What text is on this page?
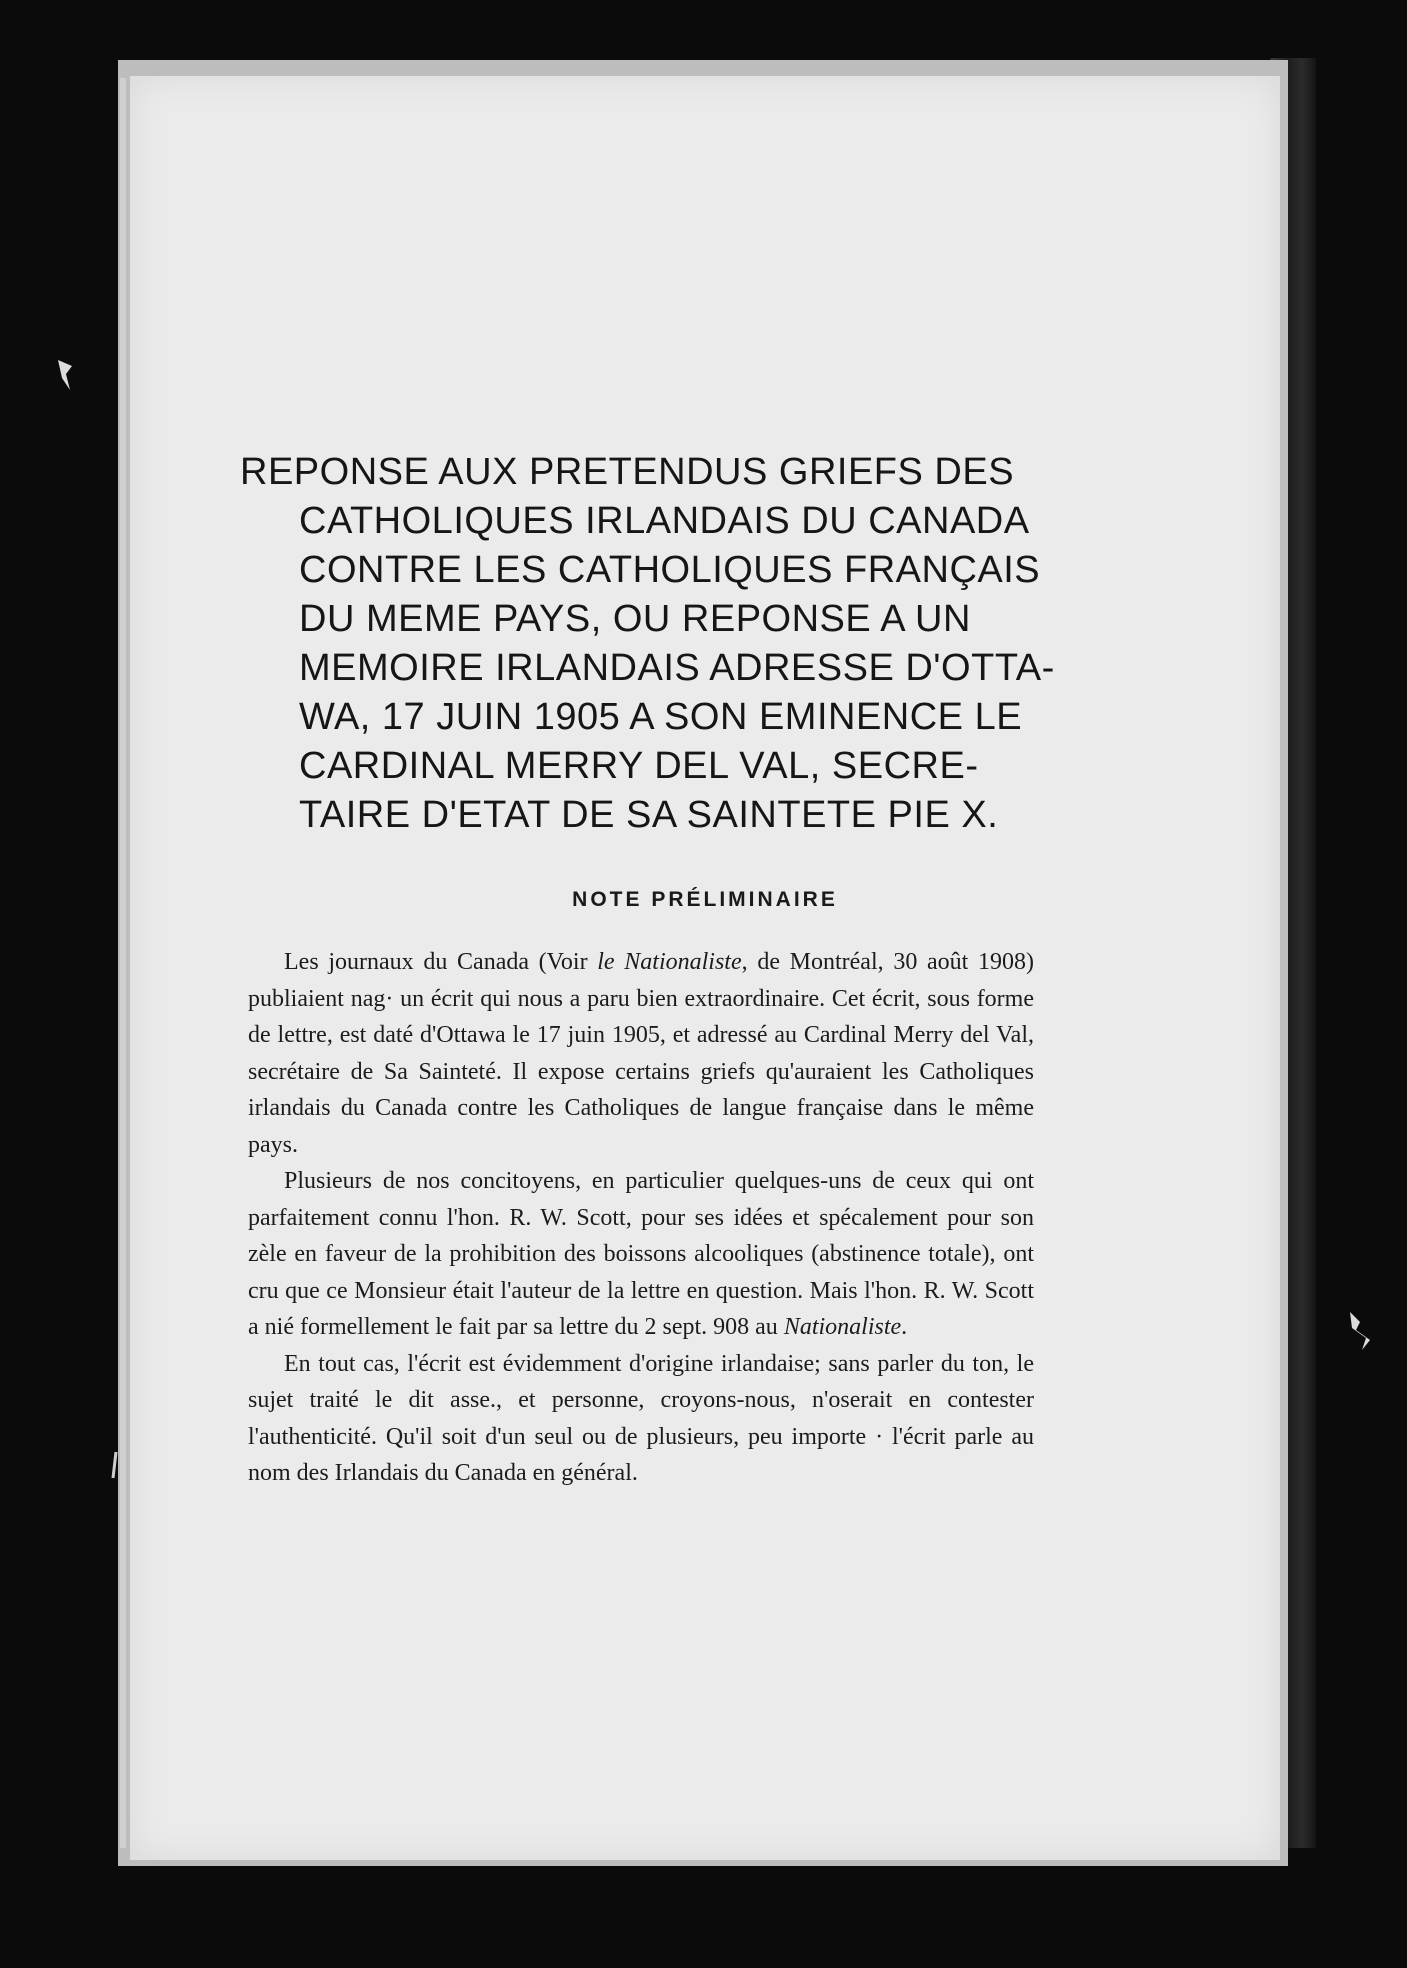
REPONSE AUX PRETENDUS GRIEFS DES
CATHOLIQUES IRLANDAIS DU CANADA
CONTRE LES CATHOLIQUES FRANÇAIS
DU MEME PAYS, OU REPONSE A UN
MEMOIRE IRLANDAIS ADRESSE D'OTTA-
WA, 17 JUIN 1905 A SON EMINENCE LE
CARDINAL MERRY DEL VAL, SECRE-
TAIRE D'ETAT DE SA SAINTETE PIE X.
NOTE PRÉLIMINAIRE

Les journaux du Canada (Voir le Nationaliste, de Montréal, 30 août 1908) publiaient nag· un écrit qui nous a paru bien extraordinaire. Cet écrit, sous forme de lettre, est daté d'Ottawa le 17 juin 1905, et adressé au Cardinal Merry del Val, secrétaire de Sa Sainteté. Il expose certains griefs qu'auraient les Catholiques irlandais du Canada contre les Catholiques de langue française dans le même pays.

Plusieurs de nos concitoyens, en particulier quelques-uns de ceux qui ont parfaitement connu l'hon. R. W. Scott, pour ses idées et spécalement pour son zèle en faveur de la prohibition des boissons alcooliques (abstinence totale), ont cru que ce Monsieur était l'auteur de la lettre en question. Mais l'hon. R. W. Scott a nié formellement le fait par sa lettre du 2 sept. 908 au Nationaliste.

En tout cas, l'écrit est évidemment d'origine irlandaise; sans parler du ton, le sujet traité le dit asse., et personne, croyons-nous, n'oserait en contester l'authenticité. Qu'il soit d'un seul ou de plusieurs, peu importe · l'écrit parle au nom des Irlandais du Canada en général.
